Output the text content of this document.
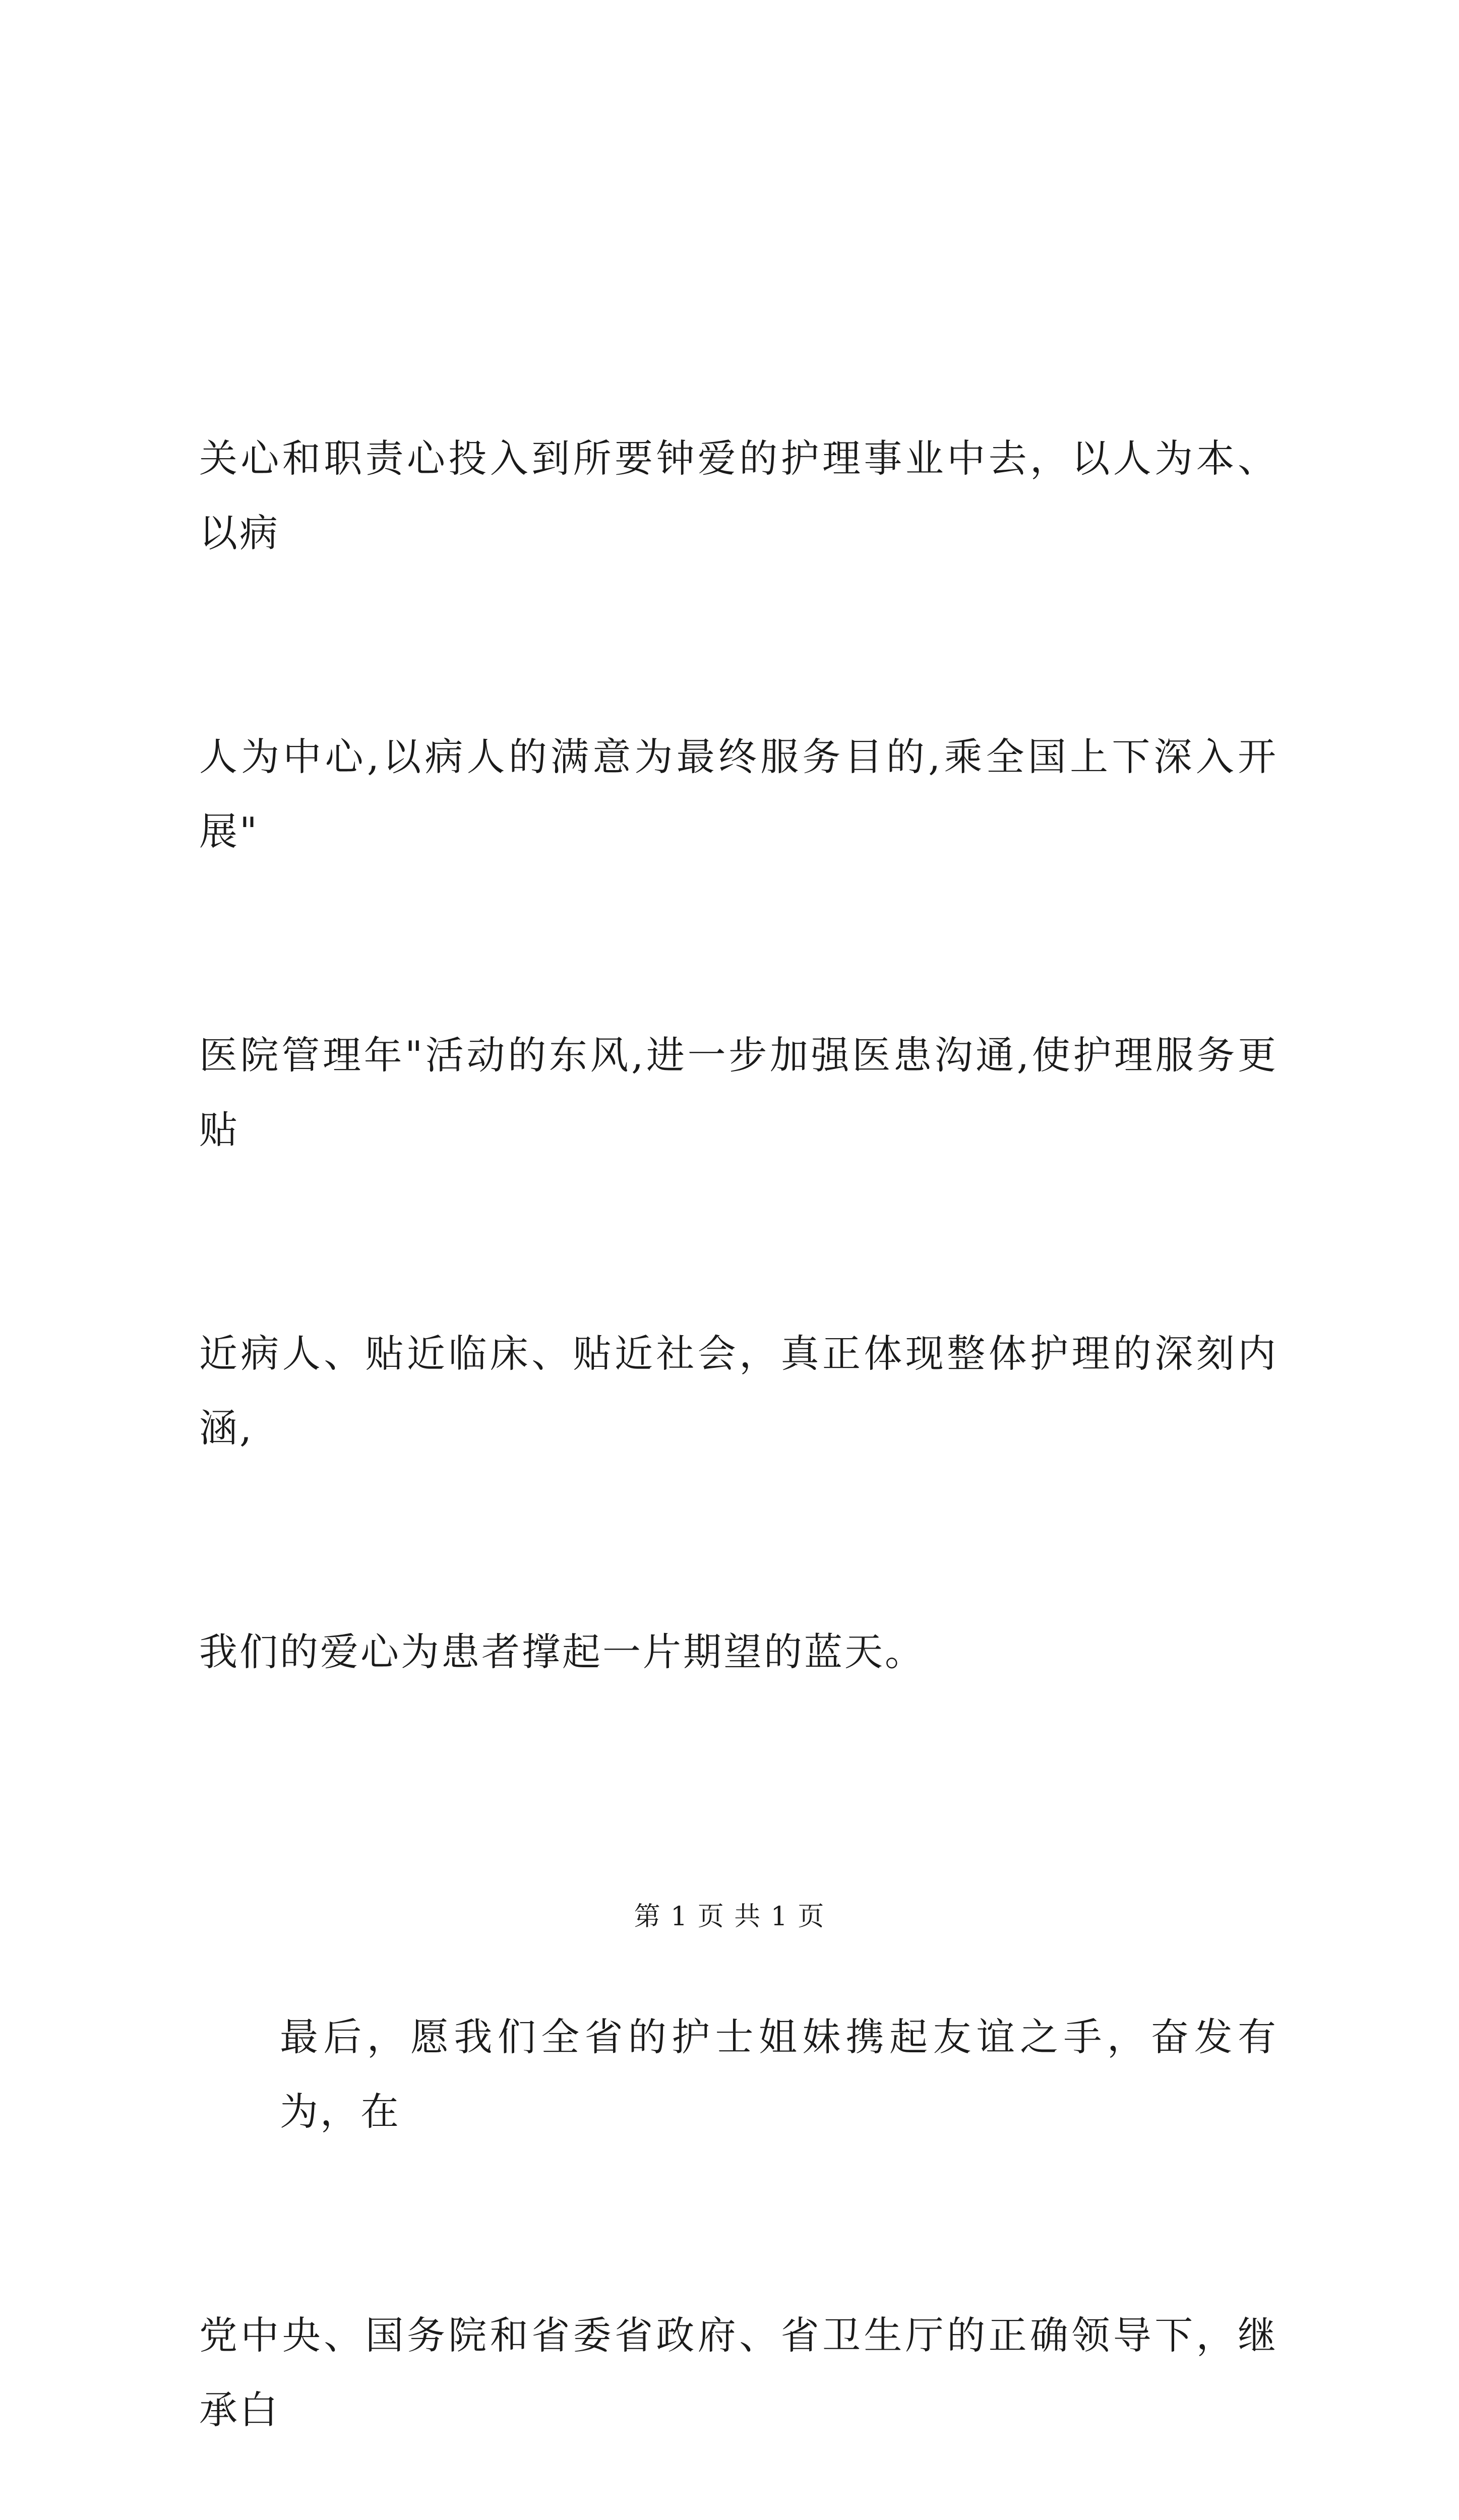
关心和职责心投入到所要钟爱的护理事业中去，以人为本、以病

人为中心,以病人的满意为最终服务目的,乘全国上下深入开展"

医院管理年"活动的东风,进一步加强医患沟通,使护理服务更贴

近病人、贴近临床、贴近社会，真正体现整体护理的深刻内涵,

我们的爱心为患者撑起一片期望的蓝天。

最后，愿我们全省的护士姐妹携起友谊之手，奋发有为，在

党中央、国务院和省委省政府、省卫生厅的正确领导下，继承白

第 1 页 共 1 页
